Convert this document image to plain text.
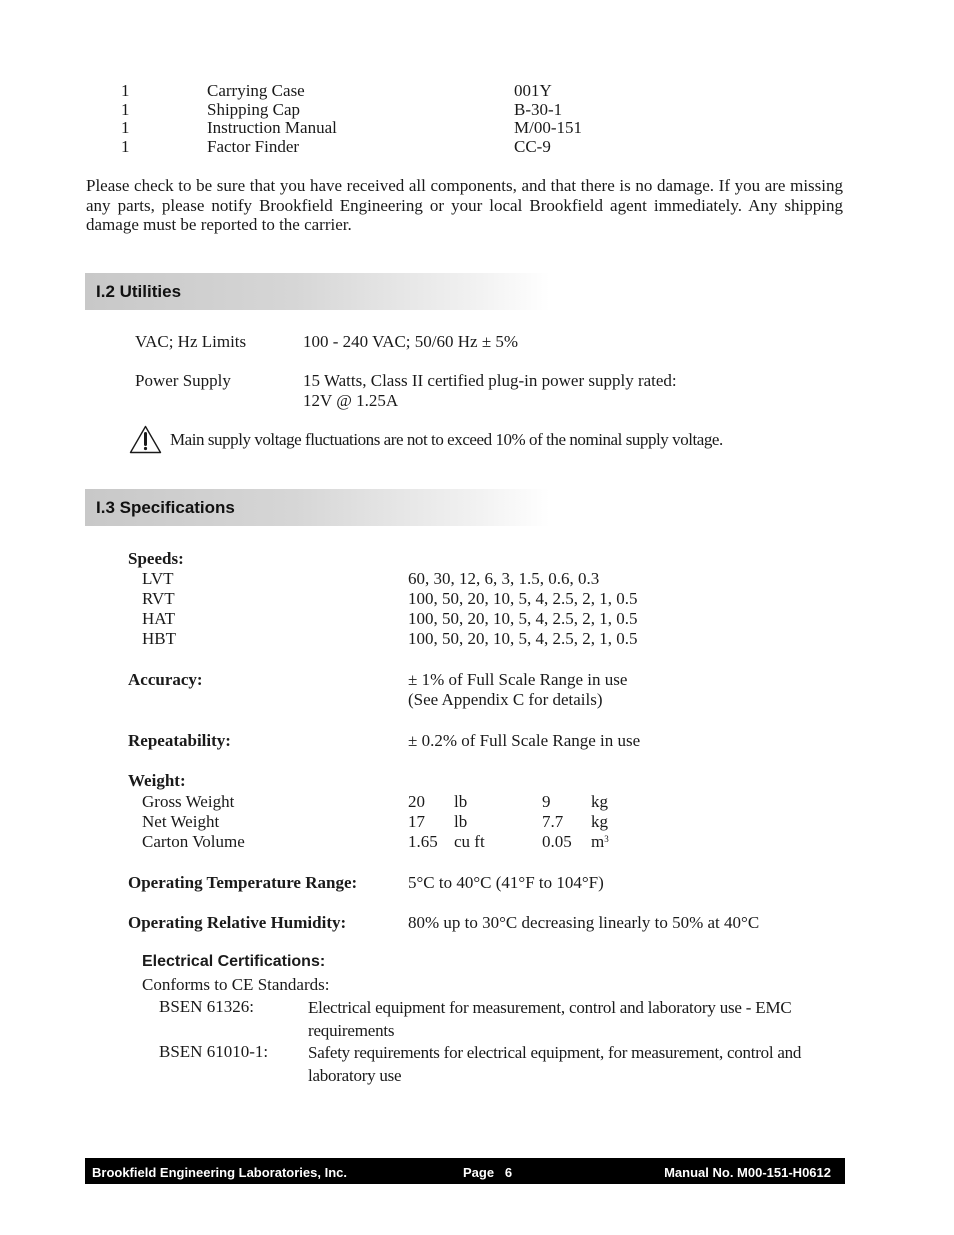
1	Carrying Case	001Y
1	Shipping Cap	B-30-1
1	Instruction Manual	M/00-151
1	Factor Finder	CC-9

Please check to be sure that you have received all components, and that there is no damage. If you are missing any parts, please notify Brookfield Engineering or your local Brookfield agent immediately. Any shipping damage must be reported to the carrier.

I.2 Utilities
VAC; Hz Limits	100 - 240 VAC; 50/60 Hz ± 5%
Power Supply	15 Watts, Class II certified plug-in power supply rated:
12V @ 1.25A
Main supply voltage fluctuations are not to exceed 10% of the nominal supply voltage.
I.3 Specifications
Speeds:
LVT	60, 30, 12, 6, 3, 1.5, 0.6, 0.3
RVT	100, 50, 20, 10, 5, 4, 2.5, 2, 1, 0.5
HAT	100, 50, 20, 10, 5, 4, 2.5, 2, 1, 0.5
HBT	100, 50, 20, 10, 5, 4, 2.5, 2, 1, 0.5
Accuracy:	± 1% of Full Scale Range in use
(See Appendix C for details)
Repeatability:	± 0.2% of Full Scale Range in use
Weight:
Gross Weight	20 lb	9 kg
Net Weight	17 lb	7.7 kg
Carton Volume	1.65 cu ft	0.05 $m^3$
Operating Temperature Range:	5°C to 40°C (41°F to 104°F)
Operating Relative Humidity:	80% up to 30°C decreasing linearly to 50% at 40°C
Electrical Certifications:
Conforms to CE Standards:
BSEN 61326:	Electrical equipment for measurement, control and laboratory use - EMC requirements
BSEN 61010-1: Safety requirements for electrical equipment, for measurement, control and laboratory use
Brookfield Engineering Laboratories, Inc.	Page   6	Manual No. M00-151-H0612
